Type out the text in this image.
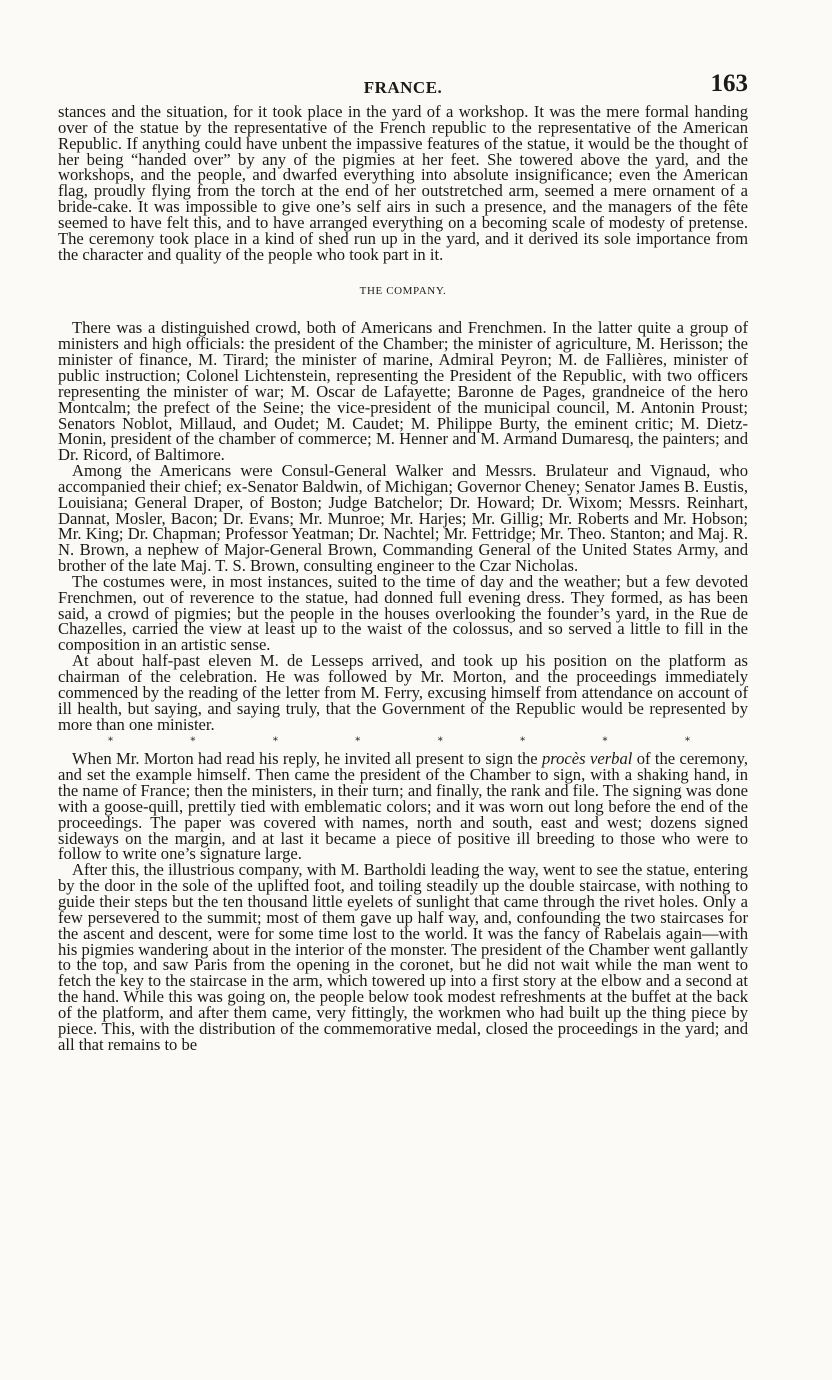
FRANCE.	163

stances and the situation, for it took place in the yard of a workshop. It was the mere formal handing over of the statue by the representative of the French republic to the representative of the American Republic. If anything could have unbent the impassive features of the statue, it would be the thought of her being “handed over” by any of the pigmies at her feet. She towered above the yard, and the workshops, and the people, and dwarfed everything into absolute insignificance; even the American flag, proudly flying from the torch at the end of her outstretched arm, seemed a mere ornament of a bride-cake. It was impossible to give one’s self airs in such a presence, and the managers of the fête seemed to have felt this, and to have arranged everything on a becoming scale of modesty of pretense. The ceremony took place in a kind of shed run up in the yard, and it derived its sole importance from the character and quality of the people who took part in it.

THE COMPANY.

There was a distinguished crowd, both of Americans and Frenchmen. In the latter quite a group of ministers and high officials: the president of the Chamber; the minister of agriculture, M. Herisson; the minister of finance, M. Tirard; the minister of marine, Admiral Peyron; M. de Fallières, minister of public instruction; Colonel Lichtenstein, representing the President of the Republic, with two officers representing the minister of war; M. Oscar de Lafayette; Baronne de Pages, grandneice of the hero Montcalm; the prefect of the Seine; the vice-president of the municipal council, M. Antonin Proust; Senators Noblot, Millaud, and Oudet; M. Caudet; M. Philippe Burty, the eminent critic; M. Dietz-Monin, president of the chamber of commerce; M. Henner and M. Armand Dumaresq, the painters; and Dr. Ricord, of Baltimore.

Among the Americans were Consul-General Walker and Messrs. Brulateur and Vignaud, who accompanied their chief; ex-Senator Baldwin, of Michigan; Governor Cheney; Senator James B. Eustis, Louisiana; General Draper, of Boston; Judge Batchelor; Dr. Howard; Dr. Wixom; Messrs. Reinhart, Dannat, Mosler, Bacon; Dr. Evans; Mr. Munroe; Mr. Harjes; Mr. Gillig; Mr. Roberts and Mr. Hobson; Mr. King; Dr. Chapman; Professor Yeatman; Dr. Nachtel; Mr. Fettridge; Mr. Theo. Stanton; and Maj. R. N. Brown, a nephew of Major-General Brown, Commanding General of the United States Army, and brother of the late Maj. T. S. Brown, consulting engineer to the Czar Nicholas.

The costumes were, in most instances, suited to the time of day and the weather; but a few devoted Frenchmen, out of reverence to the statue, had donned full evening dress. They formed, as has been said, a crowd of pigmies; but the people in the houses overlooking the founder’s yard, in the Rue de Chazelles, carried the view at least up to the waist of the colossus, and so served a little to fill in the composition in an artistic sense.

At about half-past eleven M. de Lesseps arrived, and took up his position on the platform as chairman of the celebration. He was followed by Mr. Morton, and the proceedings immediately commenced by the reading of the letter from M. Ferry, excusing himself from attendance on account of ill health, but saying, and saying truly, that the Government of the Republic would be represented by more than one minister.

*	*	*	*	*	*	*	*

When Mr. Morton had read his reply, he invited all present to sign the procès verbal of the ceremony, and set the example himself. Then came the president of the Chamber to sign, with a shaking hand, in the name of France; then the ministers, in their turn; and finally, the rank and file. The signing was done with a goose-quill, prettily tied with emblematic colors; and it was worn out long before the end of the proceedings. The paper was covered with names, north and south, east and west; dozens signed sideways on the margin, and at last it became a piece of positive ill breeding to those who were to follow to write one’s signature large.

After this, the illustrious company, with M. Bartholdi leading the way, went to see the statue, entering by the door in the sole of the uplifted foot, and toiling steadily up the double staircase, with nothing to guide their steps but the ten thousand little eyelets of sunlight that came through the rivet holes. Only a few persevered to the summit; most of them gave up half way, and, confounding the two staircases for the ascent and descent, were for some time lost to the world. It was the fancy of Rabelais again—with his pigmies wandering about in the interior of the monster. The president of the Chamber went gallantly to the top, and saw Paris from the opening in the coronet, but he did not wait while the man went to fetch the key to the staircase in the arm, which towered up into a first story at the elbow and a second at the hand. While this was going on, the people below took modest refreshments at the buffet at the back of the platform, and after them came, very fittingly, the workmen who had built up the thing piece by piece. This, with the distribution of the commemorative medal, closed the proceedings in the yard; and all that remains to be
